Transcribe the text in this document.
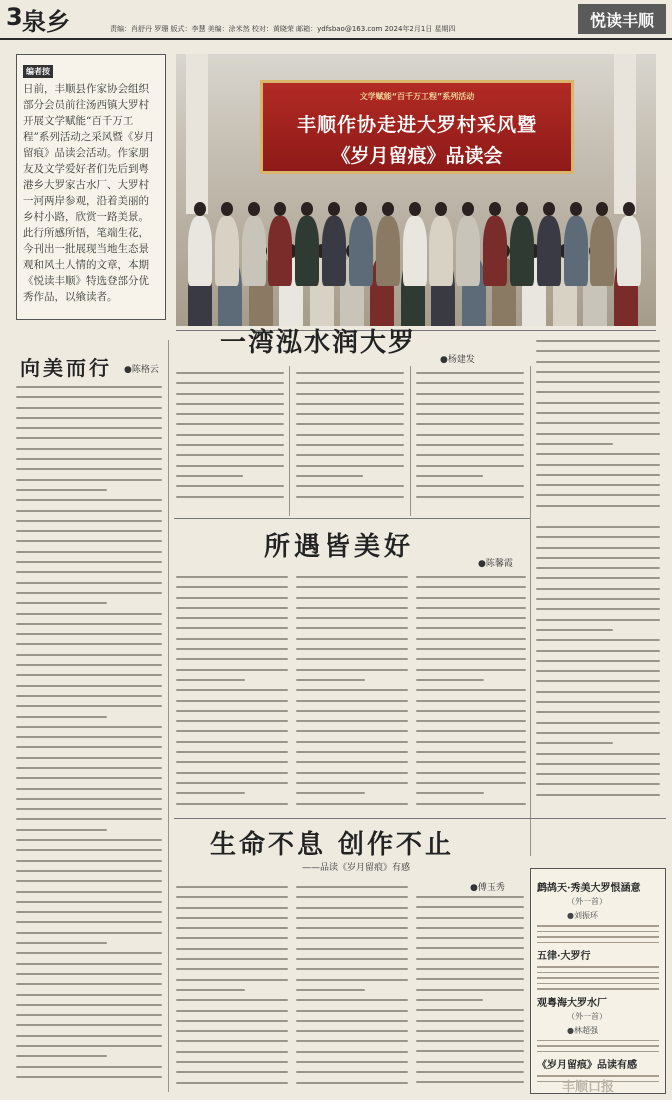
3 泉乡	责编：肖舒丹 罗珊 版式：李慧 美编：涂米然 校对：黄晓荣 邮箱：ydfsbao@163.com 2024年2月1日 星期四	悦读丰顺
编者按

日前，丰顺县作家协会组织部分会员前往汤西镇大罗村开展文学赋能“百千万工程”系列活动之采风暨《岁月留痕》品读会活动。作家朋友及文学爱好者们先后到粤港乡大罗家古水厂、大罗村一河两岸参观，沿着美丽的乡村小路，欣赏一路美景。此行所感所悟，笔端生花，今刊出一批展现当地生态景观和风土人情的文章，本期《悦读丰顺》特选登部分优秀作品，以飨读者。

文学赋能“百千万工程”系列活动
丰顺作协走进大罗村采风暨
《岁月留痕》品读会
一湾泓水润大罗
●杨建发
向美而行 ●陈格云
所遇皆美好
●陈馨霞
生命不息 创作不止
——品读《岁月留痕》有感
●傅玉秀	鹧鸪天·秀美大罗恨涵意
（外一首）
●刘振环
五律·大罗行
观粤海大罗水厂
（外一首）
●林超强
《岁月留痕》品读有感
丰顺口报
